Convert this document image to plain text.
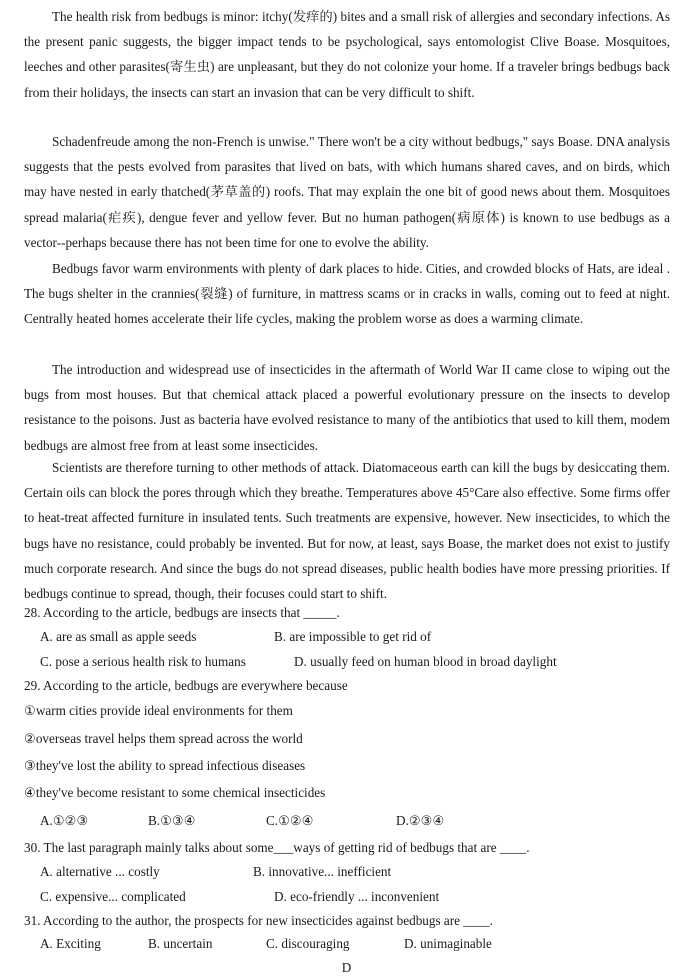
The health risk from bedbugs is minor: itchy(发痒的) bites and a small risk of allergies and secondary infections. As the present panic suggests, the bigger impact tends to be psychological, says entomologist Clive Boase. Mosquitoes, leeches and other parasites(寄生虫) are unpleasant, but they do not colonize your home. If a traveler brings bedbugs back from their holidays, the insects can start an invasion that can be very difficult to shift.

Schadenfreude among the non-French is unwise." There won't be a city without bedbugs," says Boase. DNA analysis suggests that the pests evolved from parasites that lived on bats, with which humans shared caves, and on birds, which may have nested in early thatched(茅草盖的) roofs. That may explain the one bit of good news about them. Mosquitoes spread malaria(疟疾), dengue fever and yellow fever. But no human pathogen(病原体) is known to use bedbugs as a vector--perhaps because there has not been time for one to evolve the ability.

Bedbugs favor warm environments with plenty of dark places to hide. Cities, and crowded blocks of Hats, are ideal . The bugs shelter in the crannies(裂缝) of furniture, in mattress scams or in cracks in walls, coming out to feed at night. Centrally heated homes accelerate their life cycles, making the problem worse as does a warming climate.

The introduction and widespread use of insecticides in the aftermath of World War II came close to wiping out the bugs from most houses. But that chemical attack placed a powerful evolutionary pressure on the insects to develop resistance to the poisons. Just as bacteria have evolved resistance to many of the antibiotics that used to kill them, modem bedbugs are almost free from at least some insecticides.

Scientists are therefore turning to other methods of attack. Diatomaceous earth can kill the bugs by desiccating them. Certain oils can block the pores through which they breathe. Temperatures above 45°Care also effective. Some firms offer to heat-treat affected furniture in insulated tents. Such treatments are expensive, however. New insecticides, to which the bugs have no resistance, could probably be invented. But for now, at least, says Boase, the market does not exist to justify much corporate research. And since the bugs do not spread diseases, public health bodies have more pressing priorities. If bedbugs continue to spread, though, their focuses could start to shift.

28. According to the article, bedbugs are insects that _____.

A. are as small as apple seeds	B. are impossible to get rid of

C. pose a serious health risk to humans	D. usually feed on human blood in broad daylight

29. According to the article, bedbugs are everywhere because

①warm cities provide ideal environments for them

②overseas travel helps them spread across the world

③they've lost the ability to spread infectious diseases

④they've become resistant to some chemical insecticides

A.①②③	B.①③④	C.①②④	D.②③④

30. The last paragraph mainly talks about some___ways of getting rid of bedbugs that are ____.

A. alternative ... costly	B. innovative... inefficient

C. expensive... complicated	D. eco-friendly ... inconvenient

31. According to the author, the prospects for new insecticides against bedbugs are ____.

A. Exciting	B. uncertain	C. discouraging	D. unimaginable

D
